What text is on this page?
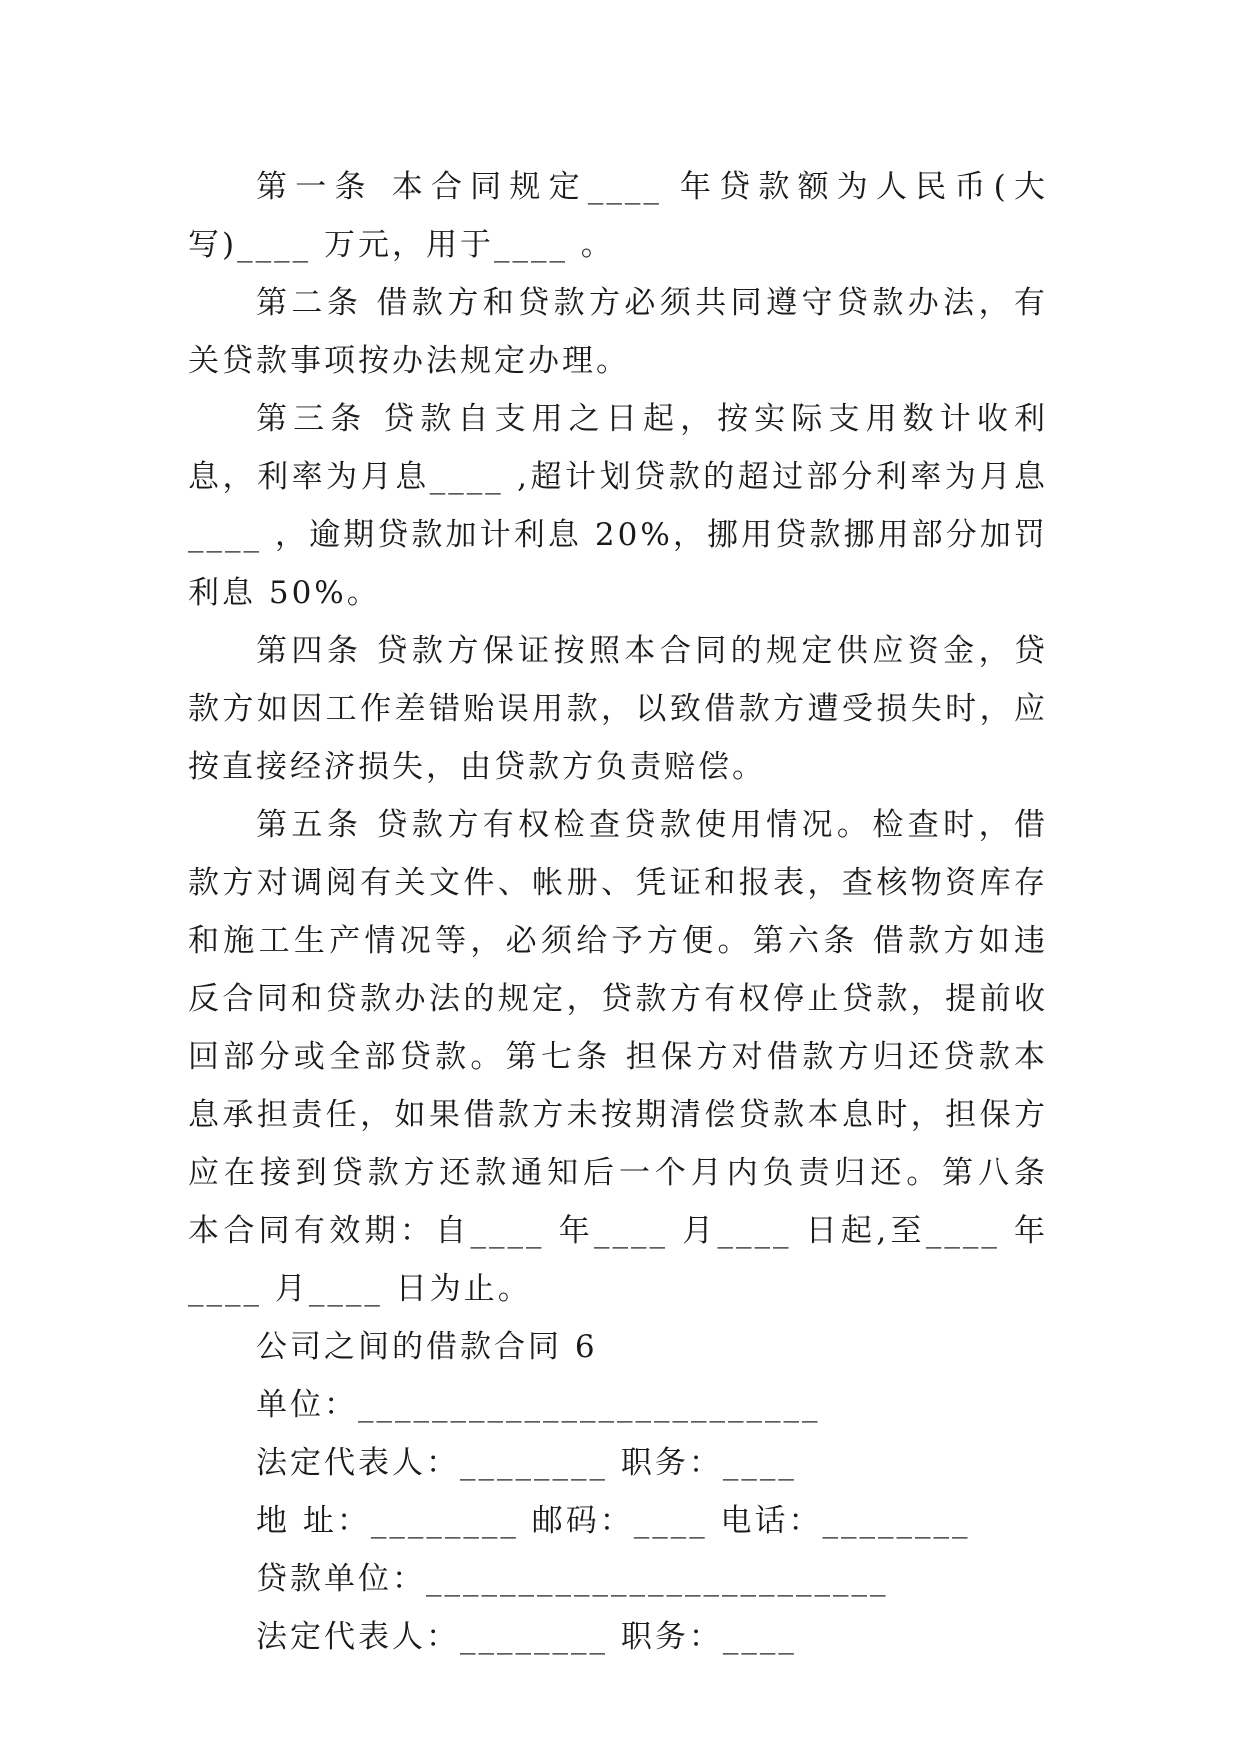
第一条 本合同规定____ 年贷款额为人民币(大写)____ 万元，用于____ 。

第二条 借款方和贷款方必须共同遵守贷款办法，有关贷款事项按办法规定办理。

第三条 贷款自支用之日起，按实际支用数计收利息，利率为月息____ ,超计划贷款的超过部分利率为月息____ ，逾期贷款加计利息 20%，挪用贷款挪用部分加罚利息 50%。

第四条 贷款方保证按照本合同的规定供应资金，贷款方如因工作差错贻误用款，以致借款方遭受损失时，应按直接经济损失，由贷款方负责赔偿。

第五条 贷款方有权检查贷款使用情况。检查时，借款方对调阅有关文件、帐册、凭证和报表，查核物资库存和施工生产情况等，必须给予方便。第六条 借款方如违反合同和贷款办法的规定，贷款方有权停止贷款，提前收回部分或全部贷款。第七条 担保方对借款方归还贷款本息承担责任，如果借款方未按期清偿贷款本息时，担保方应在接到贷款方还款通知后一个月内负责归还。第八条 本合同有效期：自____ 年____ 月____ 日起,至____ 年____ 月____ 日为止。

公司之间的借款合同 6

单位：_________________________

法定代表人：________ 职务：____

地 址：________ 邮码：____ 电话：________

贷款单位：_________________________

法定代表人：________ 职务：____
